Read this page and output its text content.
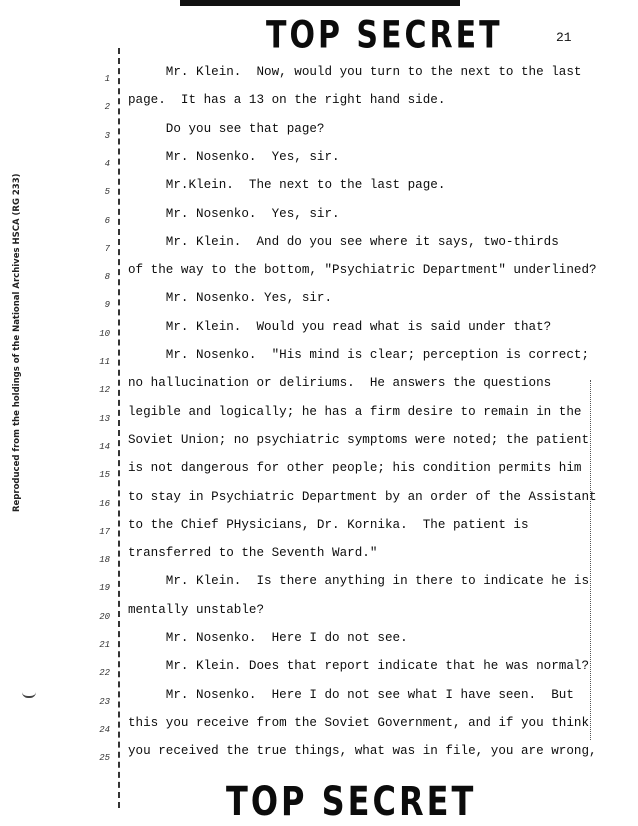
TOP SECRET	21
Reproduced from the holdings of the National Archives HSCA (RG 233)
1 Mr. Klein.  Now, would you turn to the next to the last
2 page.  It has a 13 on the right hand side.
3 Do you see that page?
4 Mr. Nosenko.  Yes, sir.
5 Mr.Klein.  The next to the last page.
6 Mr. Nosenko.  Yes, sir.
7 Mr. Klein.  And do you see where it says, two-thirds
8 of the way to the bottom, "Psychiatric Department" underlined?
9 Mr. Nosenko. Yes, sir.
10 Mr. Klein.  Would you read what is said under that?
11 Mr. Nosenko.  "His mind is clear; perception is correct;
12 no hallucination or deliriums.  He answers the questions
13 legible and logically; he has a firm desire to remain in the
14 Soviet Union; no psychiatric symptoms were noted; the patient
15 is not dangerous for other people; his condition permits him
16 to stay in Psychiatric Department by an order of the Assistant
17 to the Chief PHysicians, Dr. Kornika.  The patient is
18 transferred to the Seventh Ward."
19 Mr. Klein.  Is there anything in there to indicate he is
20 mentally unstable?
21 Mr. Nosenko.  Here I do not see.
22 Mr. Klein. Does that report indicate that he was normal?
23 Mr. Nosenko.  Here I do not see what I have seen.  But
24 this you receive from the Soviet Government, and if you think
25 you received the true things, what was in file, you are wrong,
TOP SECRET
